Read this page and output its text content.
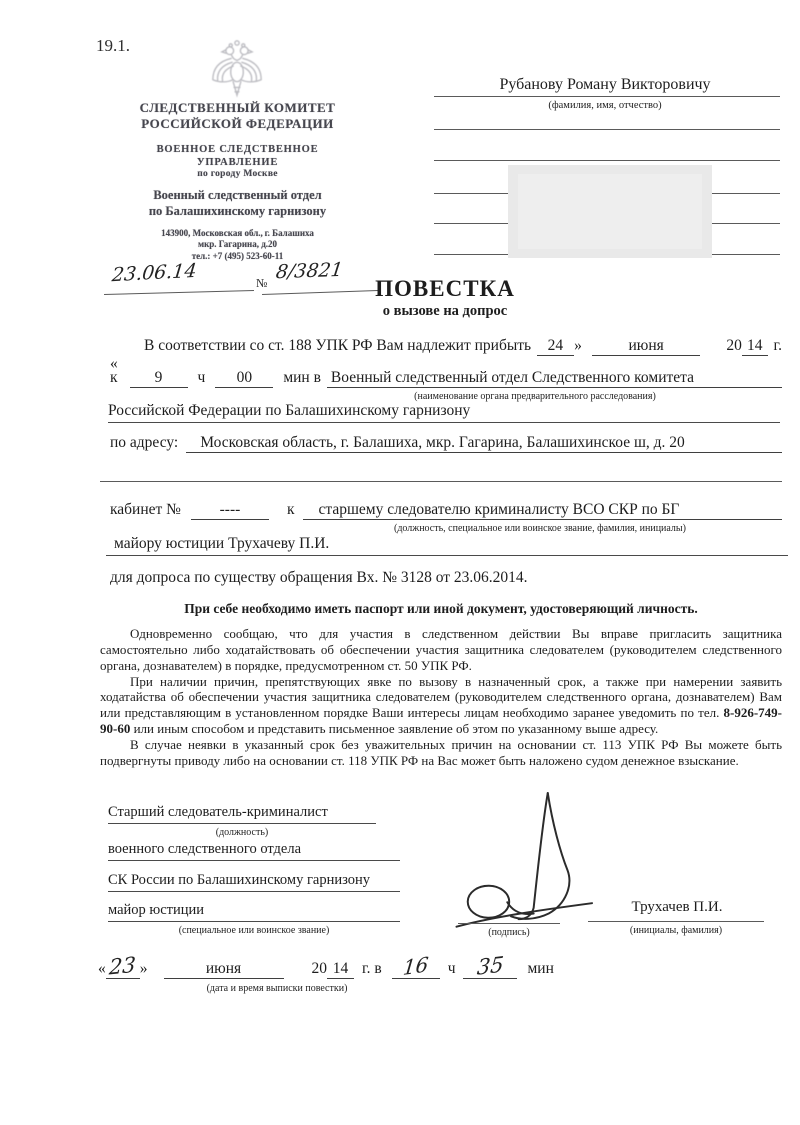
19.1.
СЛЕДСТВЕННЫЙ КОМИТЕТ
РОССИЙСКОЙ ФЕДЕРАЦИИ
ВОЕННОЕ СЛЕДСТВЕННОЕ
УПРАВЛЕНИЕ
по городу Москве
Военный следственный отдел
по Балашихинскому гарнизону
143900, Московская обл., г. Балашиха
мкр. Гагарина, д.20
тел.: +7 (495) 523-60-11
23.06.14	№ 8/3821
Рубанову Роману Викторовичу
(фамилия, имя, отчество)
ПОВЕСТКА
о вызове на допрос
В соответствии со ст. 188 УПК РФ Вам надлежит прибыть «
24 »	июня	20 14 г.
к	9	ч	00	мин в Военный следственный отдел Следственного комитета
(наименование органа предварительного расследования)
Российской Федерации по Балашихинскому гарнизону
по адресу:	Московская область, г. Балашиха, мкр. Гагарина, Балашихинское ш, д. 20
кабинет №	----	к	старшему следователю криминалисту ВСО СКР по БГ
(должность, специальное или воинское звание, фамилия, инициалы)
майору юстиции Трухачеву П.И.
для допроса по существу обращения Вх. № 3128 от 23.06.2014.
При себе необходимо иметь паспорт или иной документ, удостоверяющий личность.

Одновременно сообщаю, что для участия в следственном действии Вы вправе пригласить защитника самостоятельно либо ходатайствовать об обеспечении участия защитника следователем (руководителем следственного органа, дознавателем) в порядке, предусмотренном ст. 50 УПК РФ.

При наличии причин, препятствующих явке по вызову в назначенный срок, а также при намерении заявить ходатайства об обеспечении участия защитника следователем (руководителем следственного органа, дознавателем) Вам или представляющим в установленном порядке Ваши интересы лицам необходимо заранее уведомить по тел. 8-926-749-90-60 или иным способом и представить письменное заявление об этом по указанному выше адресу.

В случае неявки в указанный срок без уважительных причин на основании ст. 113 УПК РФ Вы можете быть подвергнуты приводу либо на основании ст. 118 УПК РФ на Вас может быть наложено судом денежное взыскание.

Старший следователь-криминалист
(должность)
военного следственного отдела
СК России по Балашихинскому гарнизону
майор юстиции
(специальное или воинское звание)	(подпись)
Трухачев П.И.
(инициалы, фамилия)
« 23 »	июня	20 14 г. в	16	ч 35	мин
(дата и время выписки повестки)
